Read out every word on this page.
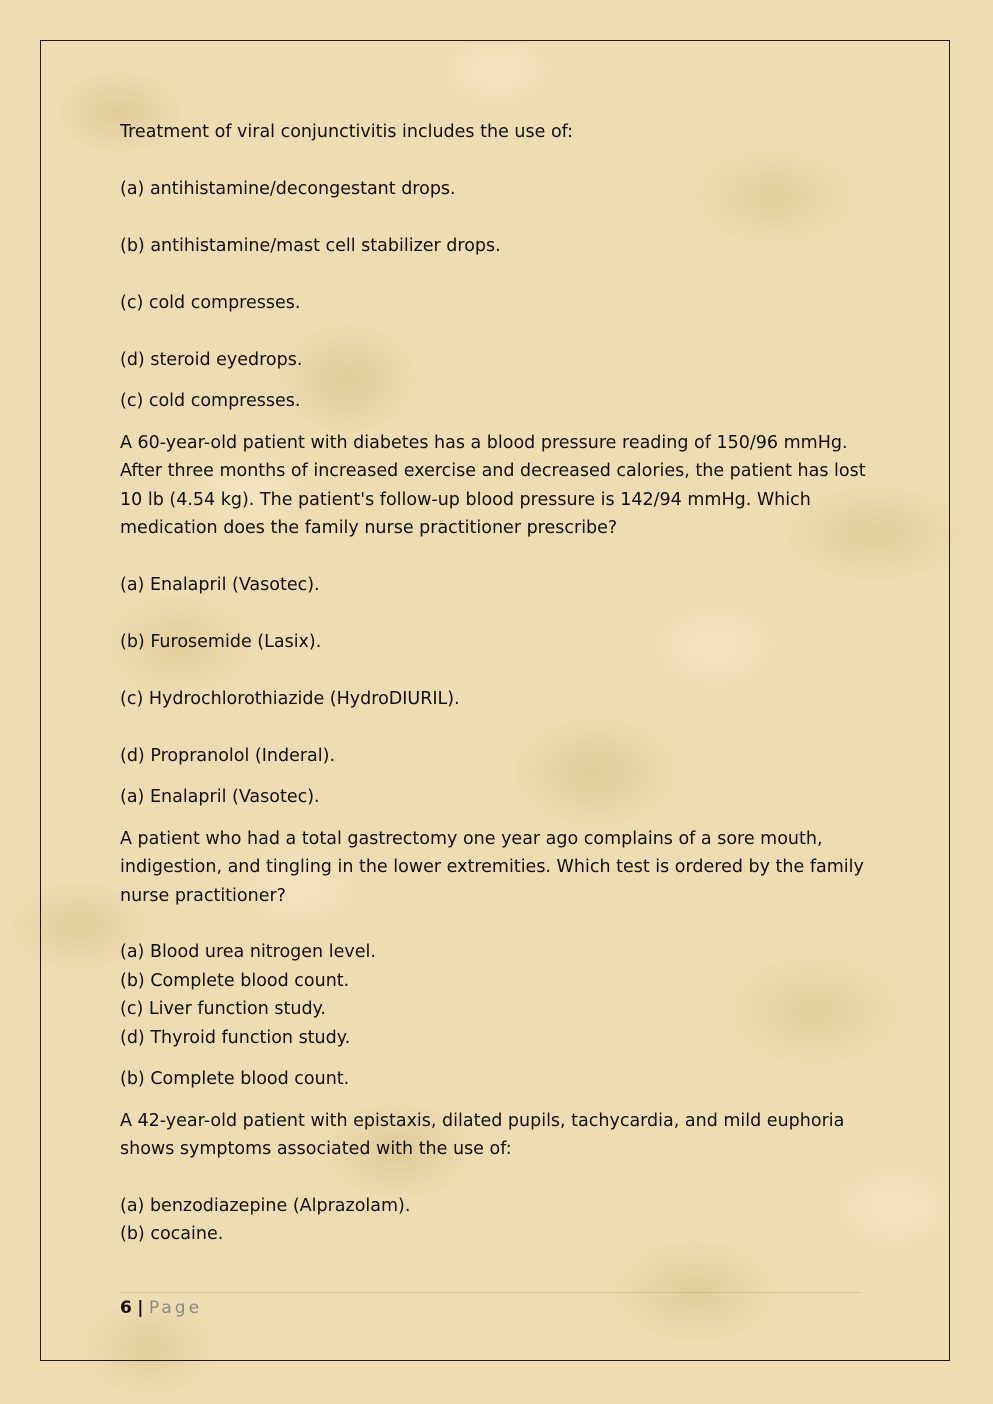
Treatment of viral conjunctivitis includes the use of:

(a) antihistamine/decongestant drops.

(b) antihistamine/mast cell stabilizer drops.

(c) cold compresses.

(d) steroid eyedrops.

(c) cold compresses.

A 60-year-old patient with diabetes has a blood pressure reading of 150/96 mmHg. After three months of increased exercise and decreased calories, the patient has lost 10 lb (4.54 kg). The patient's follow-up blood pressure is 142/94 mmHg. Which medication does the family nurse practitioner prescribe?

(a) Enalapril (Vasotec).

(b) Furosemide (Lasix).

(c) Hydrochlorothiazide (HydroDIURIL).

(d) Propranolol (Inderal).

(a) Enalapril (Vasotec).

A patient who had a total gastrectomy one year ago complains of a sore mouth, indigestion, and tingling in the lower extremities. Which test is ordered by the family nurse practitioner?

(a) Blood urea nitrogen level.

(b) Complete blood count.

(c) Liver function study.

(d) Thyroid function study.

(b) Complete blood count.

A 42-year-old patient with epistaxis, dilated pupils, tachycardia, and mild euphoria shows symptoms associated with the use of:

(a) benzodiazepine (Alprazolam).

(b) cocaine.

6 | Page
